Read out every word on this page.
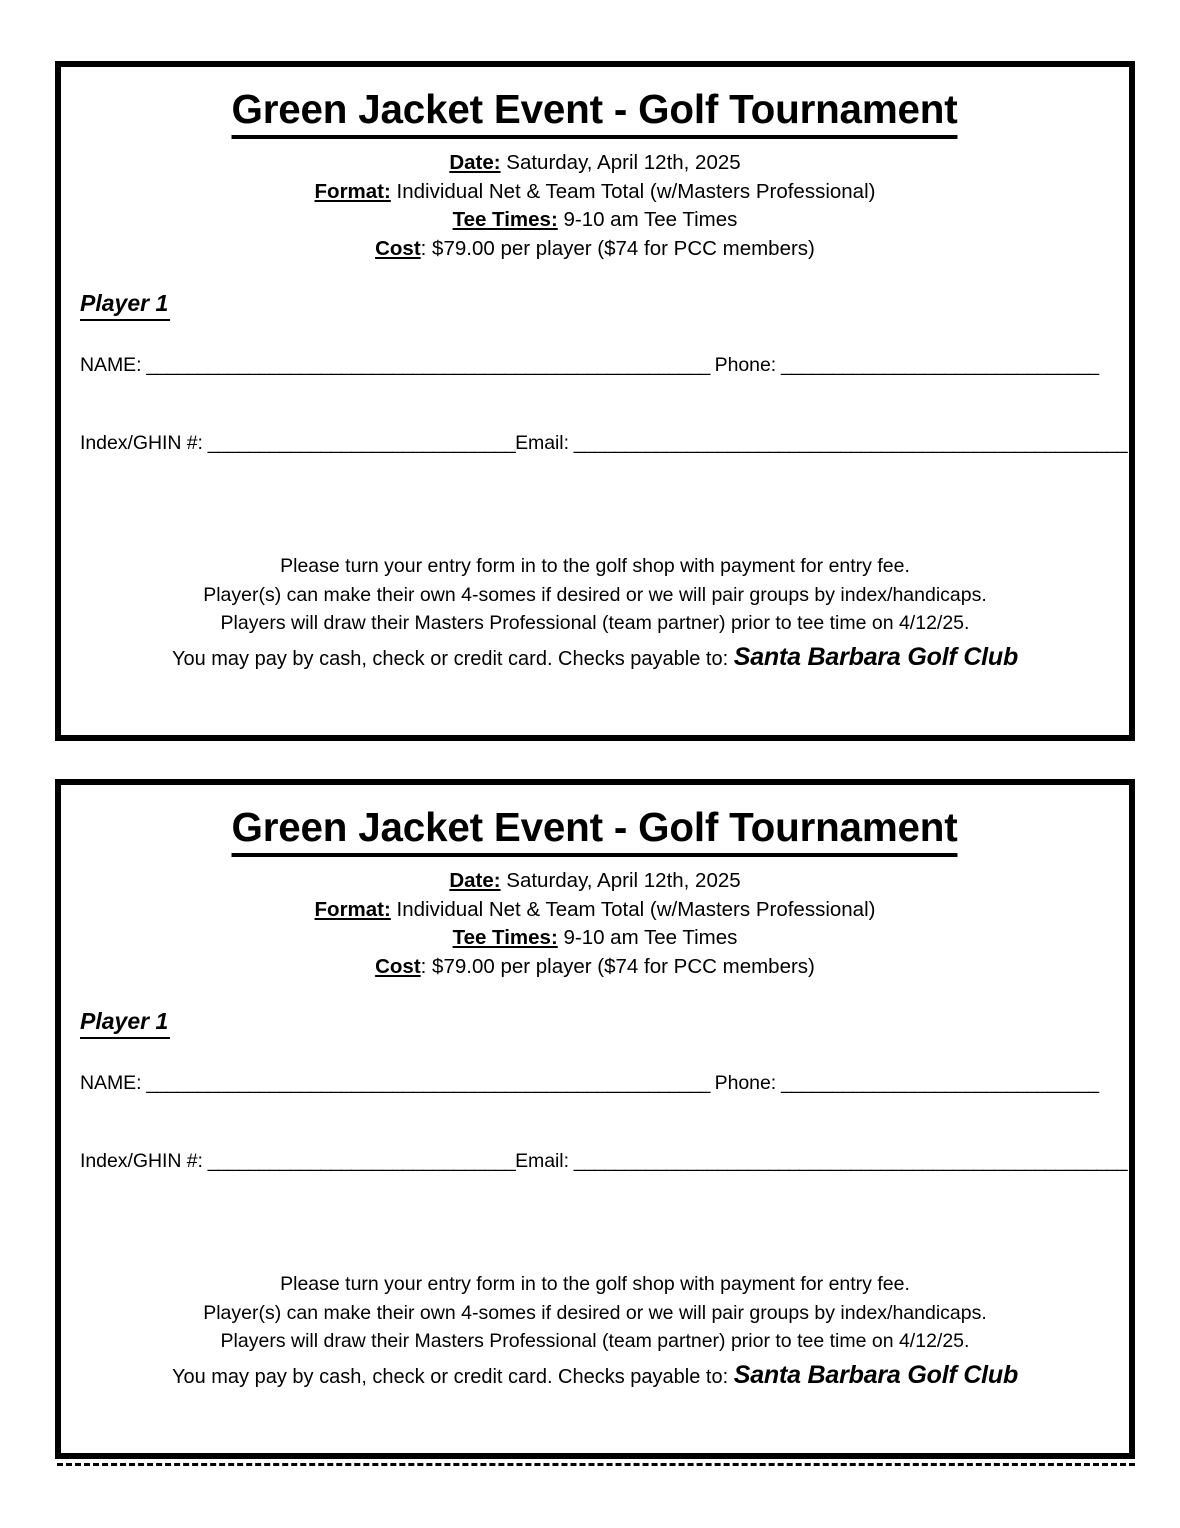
Green Jacket Event - Golf Tournament
Date: Saturday, April 12th, 2025
Format: Individual Net & Team Total (w/Masters Professional)
Tee Times: 9-10 am Tee Times
Cost: $79.00 per player ($74 for PCC members)
Player 1
NAME: _______________________________________________________ Phone: _______________________________
Index/GHIN #: ______________________________Email: ______________________________________________________
Please turn your entry form in to the golf shop with payment for entry fee.
Player(s) can make their own 4-somes if desired or we will pair groups by index/handicaps.
Players will draw their Masters Professional (team partner) prior to tee time on 4/12/25.
You may pay by cash, check or credit card. Checks payable to: Santa Barbara Golf Club
Green Jacket Event - Golf Tournament
Date: Saturday, April 12th, 2025
Format: Individual Net & Team Total (w/Masters Professional)
Tee Times: 9-10 am Tee Times
Cost: $79.00 per player ($74 for PCC members)
Player 1
NAME: _______________________________________________________ Phone: _______________________________
Index/GHIN #: ______________________________Email: ______________________________________________________
Please turn your entry form in to the golf shop with payment for entry fee.
Player(s) can make their own 4-somes if desired or we will pair groups by index/handicaps.
Players will draw their Masters Professional (team partner) prior to tee time on 4/12/25.
You may pay by cash, check or credit card. Checks payable to: Santa Barbara Golf Club
